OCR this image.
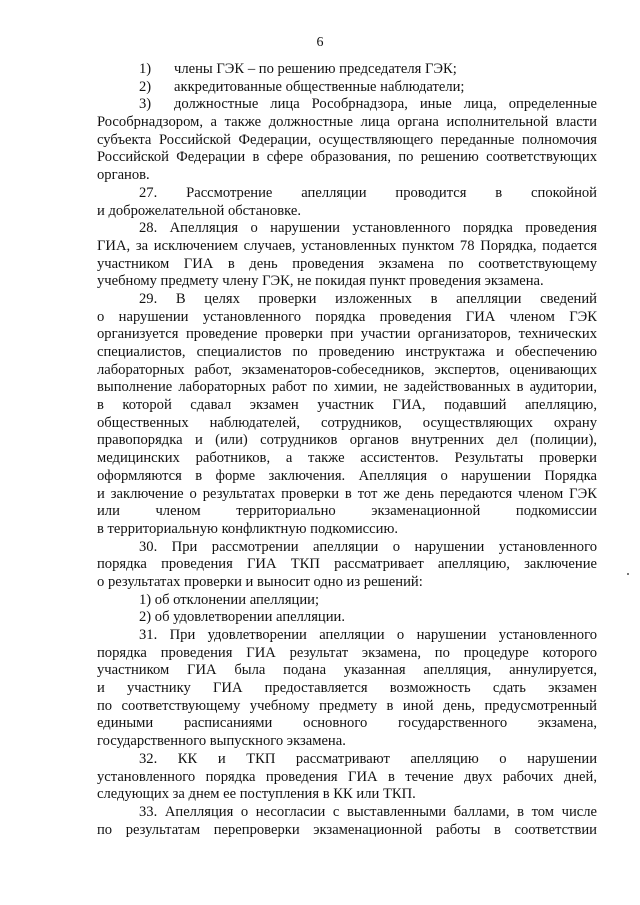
6
1) члены ГЭК – по решению председателя ГЭК;
2) аккредитованные общественные наблюдатели;
3) должностные лица Рособрнадзора, иные лица, определенные
Рособрнадзором, а также должностные лица органа исполнительной власти
субъекта Российской Федерации, осуществляющего переданные полномочия
Российской Федерации в сфере образования, по решению соответствующих
органов.
27. Рассмотрение апелляции проводится в спокойной
и доброжелательной обстановке.
28. Апелляция о нарушении установленного порядка проведения
ГИА, за исключением случаев, установленных пунктом 78 Порядка, подается
участником ГИА в день проведения экзамена по соответствующему
учебному предмету члену ГЭК, не покидая пункт проведения экзамена.
29. В целях проверки изложенных в апелляции сведений
о нарушении установленного порядка проведения ГИА членом ГЭК
организуется проведение проверки при участии организаторов, технических
специалистов, специалистов по проведению инструктажа и обеспечению
лабораторных работ, экзаменаторов-собеседников, экспертов, оценивающих
выполнение лабораторных работ по химии, не задействованных в аудитории,
в которой сдавал экзамен участник ГИА, подавший апелляцию,
общественных наблюдателей, сотрудников, осуществляющих охрану
правопорядка и (или) сотрудников органов внутренних дел (полиции),
медицинских работников, а также ассистентов. Результаты проверки
оформляются в форме заключения. Апелляция о нарушении Порядка
и заключение о результатах проверки в тот же день передаются членом ГЭК
или членом территориально экзаменационной подкомиссии
в территориальную конфликтную подкомиссию.
30. При рассмотрении апелляции о нарушении установленного
порядка проведения ГИА ТКП рассматривает апелляцию, заключение
о результатах проверки и выносит одно из решений:
1) об отклонении апелляции;
2) об удовлетворении апелляции.
31. При удовлетворении апелляции о нарушении установленного
порядка проведения ГИА результат экзамена, по процедуре которого
участником ГИА была подана указанная апелляция, аннулируется,
и участнику ГИА предоставляется возможность сдать экзамен
по соответствующему учебному предмету в иной день, предусмотренный
едиными расписаниями основного государственного экзамена,
государственного выпускного экзамена.
32. КК и ТКП рассматривают апелляцию о нарушении
установленного порядка проведения ГИА в течение двух рабочих дней,
следующих за днем ее поступления в КК или ТКП.
33. Апелляция о несогласии с выставленными баллами, в том числе
по результатам перепроверки экзаменационной работы в соответствии
